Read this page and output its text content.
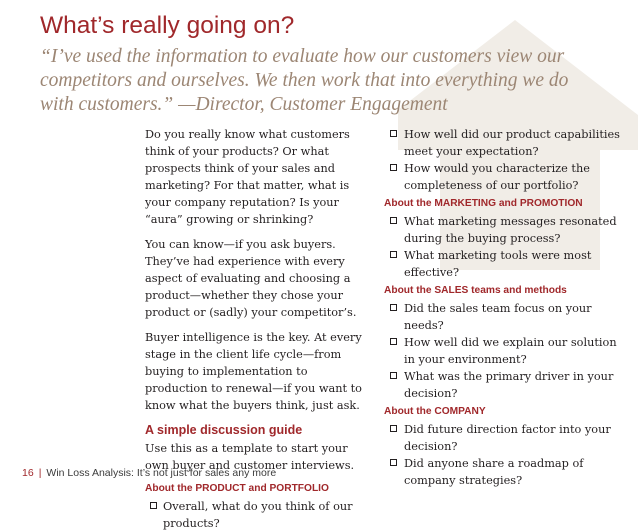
What’s really going on?
“I’ve used the information to evaluate how our customers view our competitors and ourselves. We then work that into everything we do with customers.” —Director, Customer Engagement

Do you really know what customers think of your products? Or what prospects think of your sales and marketing? For that matter, what is your company reputation? Is your “aura” growing or shrinking?

You can know—if you ask buyers. They’ve had experience with every aspect of evaluating and choosing a product—whether they chose your product or (sadly) your competitor’s.

Buyer intelligence is the key. At every stage in the client life cycle—from buying to implementation to production to renewal—if you want to know what the buyers think, just ask.

A simple discussion guide
Use this as a template to start your own buyer and customer interviews.
About the PRODUCT and PORTFOLIO
Overall, what do you think of our products?
How well did our product capabilities meet your expectation?
How would you characterize the completeness of our portfolio?
About the MARKETING and PROMOTION
What marketing messages resonated during the buying process?
What marketing tools were most effective?
About the SALES teams and methods
Did the sales team focus on your needs?
How well did we explain our solution in your environment?
What was the primary driver in your decision?
About the COMPANY
Did future direction factor into your decision?
Did anyone share a roadmap of company strategies?
16 | Win Loss Analysis: It’s not just for sales any more
